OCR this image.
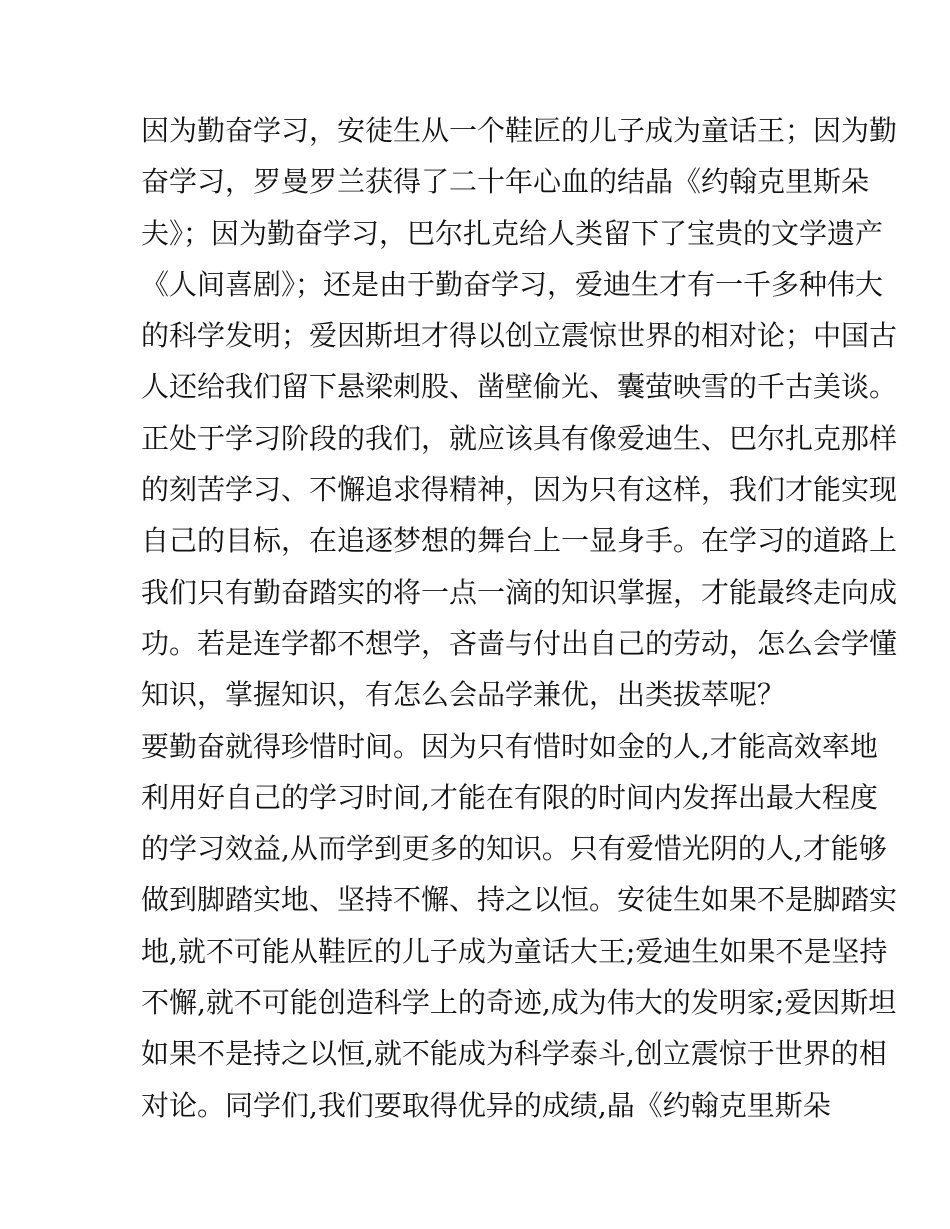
因为勤奋学习，安徒生从一个鞋匠的儿子成为童话王；因为勤
奋学习，罗曼罗兰获得了二十年心血的结晶《约翰克里斯朵
夫》；因为勤奋学习，巴尔扎克给人类留下了宝贵的文学遗产
《人间喜剧》；还是由于勤奋学习，爱迪生才有一千多种伟大
的科学发明；爱因斯坦才得以创立震惊世界的相对论；中国古
人还给我们留下悬梁刺股、凿壁偷光、囊萤映雪的千古美谈。
正处于学习阶段的我们，就应该具有像爱迪生、巴尔扎克那样
的刻苦学习、不懈追求得精神，因为只有这样，我们才能实现
自己的目标，在追逐梦想的舞台上一显身手。在学习的道路上
我们只有勤奋踏实的将一点一滴的知识掌握，才能最终走向成
功。若是连学都不想学，吝啬与付出自己的劳动，怎么会学懂
知识，掌握知识，有怎么会品学兼优，出类拔萃呢？
要勤奋就得珍惜时间。因为只有惜时如金的人,才能高效率地
利用好自己的学习时间,才能在有限的时间内发挥出最大程度
的学习效益,从而学到更多的知识。只有爱惜光阴的人,才能够
做到脚踏实地、坚持不懈、持之以恒。安徒生如果不是脚踏实
地,就不可能从鞋匠的儿子成为童话大王;爱迪生如果不是坚持
不懈,就不可能创造科学上的奇迹,成为伟大的发明家;爱因斯坦
如果不是持之以恒,就不能成为科学泰斗,创立震惊于世界的相
对论。同学们,我们要取得优异的成绩,晶《约翰克里斯朵
